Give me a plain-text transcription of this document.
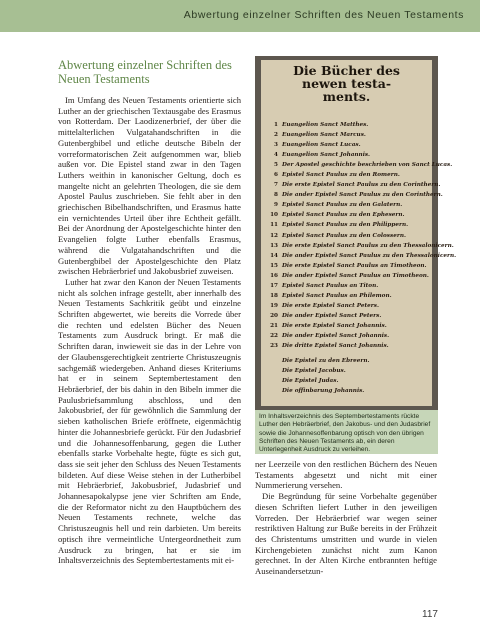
Abwertung einzelner Schriften des Neuen Testaments
Abwertung einzelner Schriften des Neuen Testaments
Im Umfang des Neuen Testaments orientierte sich Luther an der griechischen Textausgabe des Erasmus von Rotterdam. Der Laodizenerbrief, der über die mittelalterlichen Vulgatahandschriften in die Gutenbergbibel und etliche deutsche Bibeln der vorreformatorischen Zeit aufgenommen war, blieb außen vor. Die Epistel stand zwar in den Tagen Luthers weithin in kanonischer Geltung, doch es mangelte nicht an gelehrten Theologen, die sie dem Apostel Paulus zuschrieben. Sie fehlt aber in den griechischen Bibelhandschriften, und Erasmus hatte ein vernichtendes Urteil über ihre Echtheit gefällt. Bei der Anordnung der Apostelgeschichte hinter den Evangelien folgte Luther ebenfalls Erasmus, während die Vulgatahandschriften und die Gutenbergbibel der Apostelgeschichte den Platz zwischen Hebräerbrief und Jakobusbrief zuweisen.
Luther hat zwar den Kanon der Neuen Testaments nicht als solchen infrage gestellt, aber innerhalb des Neuen Testaments Sachkritik geübt und einzelne Schriften abgewertet, wie bereits die Vorrede über die rechten und edelsten Bücher des Neuen Testaments zum Ausdruck bringt. Er maß die Schriften daran, inwieweit sie das in der Lehre von der Glaubensgerechtigkeit zentrierte Christuszeugnis sachgemäß wiedergeben. Anhand dieses Kriteriums hat er in seinem Septembertestament den Hebräerbrief, der bis dahin in den Bibeln immer die Paulusbriefsammlung abschloss, und den Jakobusbrief, der für gewöhnlich die Sammlung der sieben katholischen Briefe eröffnete, eigenmächtig hinter die Johannesbriefe gerückt. Für den Judasbrief und die Johannesoffenbarung, gegen die Luther ebenfalls starke Vorbehalte hegte, fügte es sich gut, dass sie seit jeher den Schluss des Neuen Testaments bildeten. Auf diese Weise stehen in der Lutherbibel mit Hebräerbrief, Jakobusbrief, Judasbrief und Johannesapokalypse jene vier Schriften am Ende, die der Reformator nicht zu den Hauptbüchern des Neuen Testaments rechnete, welche das Christuszeugnis hell und rein darbieten. Um bereits optisch ihre vermeintliche Untergeordnetheit zum Ausdruck zu bringen, hat er sie im Inhaltsverzeichnis des Septembertestaments mit ei-
Die Bücher des
newen testa-
ments.
1 Euangelion Sanct Matthes.
2 Euangelion Sanct Marcus.
3 Euangelion Sanct Lucas.
4 Euangelion Sanct Johannis.
5 Der Apostel geschichte beschrieben von Sanct Lucas.
6 Epistel Sanct Paulus zu den Romern.
7 Die erste Epistel Sanct Paulus zu den Corinthern.
8 Die ander Epistel Sanct Paulus zu den Corinthern.
9 Epistel Sanct Paulus zu den Galatern.
10 Epistel Sanct Paulus zu den Ephesern.
11 Epistel Sanct Paulus zu den Philippern.
12 Epistel Sanct Paulus zu den Colossern.
13 Die erste Epistel Sanct Paulus zu den Thessalonicern.
14 Die ander Epistel Sanct Paulus zu den Thessalonicern.
15 Die erste Epistel Sanct Paulus an Timotheon.
16 Die ander Epistel Sanct Paulus an Timotheon.
17 Epistel Sanct Paulus an Titon.
18 Epistel Sanct Paulus an Philemon.
19 Die erste Epistel Sanct Peters.
20 Die ander Epistel Sanct Peters.
21 Die erste Epistel Sanct Johannis.
22 Die ander Epistel Sanct Johannis.
23 Die dritte Epistel Sanct Johannis.
Die Epistel zu den Ebreern.
Die Epistel Jacobus.
Die Epistel Judas.
Die offinbarung Johannis.
Im Inhaltsverzeichnis des Septembertestaments rückte Luther den Hebräerbrief, den Jakobus- und den Judasbrief sowie die Johannesoffenbarung optisch von den übrigen Schriften des Neuen Testaments ab, ein deren Unterlegenheit Ausdruck zu verleihen.
ner Leerzeile von den restlichen Büchern des Neuen Testaments abgesetzt und nicht mit einer Nummerierung versehen.
Die Begründung für seine Vorbehalte gegenüber diesen Schriften liefert Luther in den jeweiligen Vorreden. Der Hebräerbrief war wegen seiner restriktiven Haltung zur Buße bereits in der Frühzeit des Christentums umstritten und wurde in vielen Kirchengebieten zunächst nicht zum Kanon gerechnet. In der Alten Kirche entbrannten heftige Auseinandersetzun-
117
